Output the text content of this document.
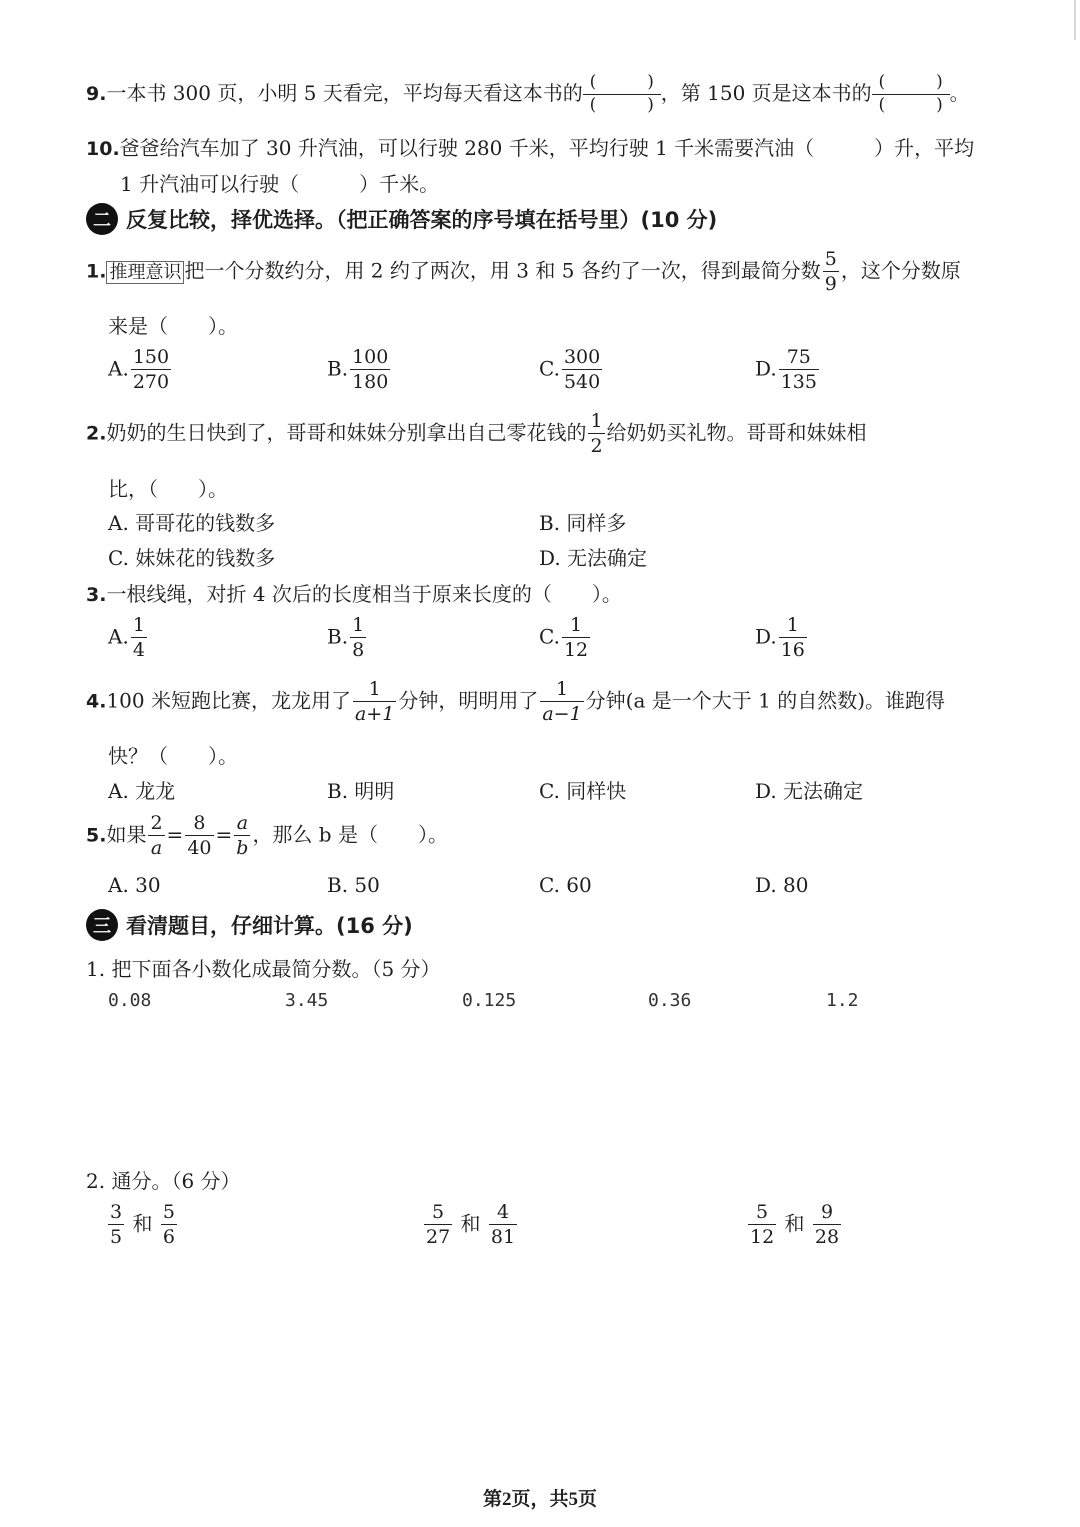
9.一本书 300 页，小明 5 天看完，平均每天看这本书的 (　　　)
(　　　) ，第 150 页是这本书的 (　　　)
(　　　) 。
10.爸爸给汽车加了 30 升汽油，可以行驶 280 千米，平均行驶 1 千米需要汽油（　　　）升，平均
1 升汽油可以行驶（　　　）千米。
二 反复比较，择优选择。（把正确答案的序号填在括号里）(10 分)
1. 推理意识 把一个分数约分，用 2 约了两次，用 3 和 5 各约了一次，得到最简分数 $\frac{5}{9}$ ，这个分数原
来是（　　）。
A. $\frac{150}{270}$	B. $\frac{100}{180}$	C. $\frac{300}{540}$	D. $\frac{75}{135}$
2.奶奶的生日快到了，哥哥和妹妹分别拿出自己零花钱的 $\frac{1}{2}$ 给奶奶买礼物。哥哥和妹妹相
比，（　　）。
A. 哥哥花的钱数多	B. 同样多
C. 妹妹花的钱数多	D. 无法确定
3.一根线绳，对折 4 次后的长度相当于原来长度的（　　）。
A. $\frac{1}{4}$	B. $\frac{1}{8}$	C. $\frac{1}{12}$	D. $\frac{1}{16}$
4.100 米短跑比赛，龙龙用了 $\frac{1}{a+1}$ 分钟，明明用了 $\frac{1}{a-1}$ 分钟(a 是一个大于 1 的自然数)。谁跑得
快？（　　）。
A. 龙龙	B. 明明	C. 同样快	D. 无法确定
5.如果 $\frac{2}{a} = \frac{8}{40} = \frac{a}{b}$ ，那么 b 是（　　）。
A. 30	B. 50	C. 60	D. 80
三 看清题目，仔细计算。(16 分)
1. 把下面各小数化成最简分数。（5 分）
0.08	3.45	0.125	0.36	1.2
2. 通分。（6 分）
$\frac{3}{5}$ 和 $\frac{5}{6}$	$\frac{5}{27}$ 和 $\frac{4}{81}$	$\frac{5}{12}$ 和 $\frac{9}{28}$
第2页，共5页
